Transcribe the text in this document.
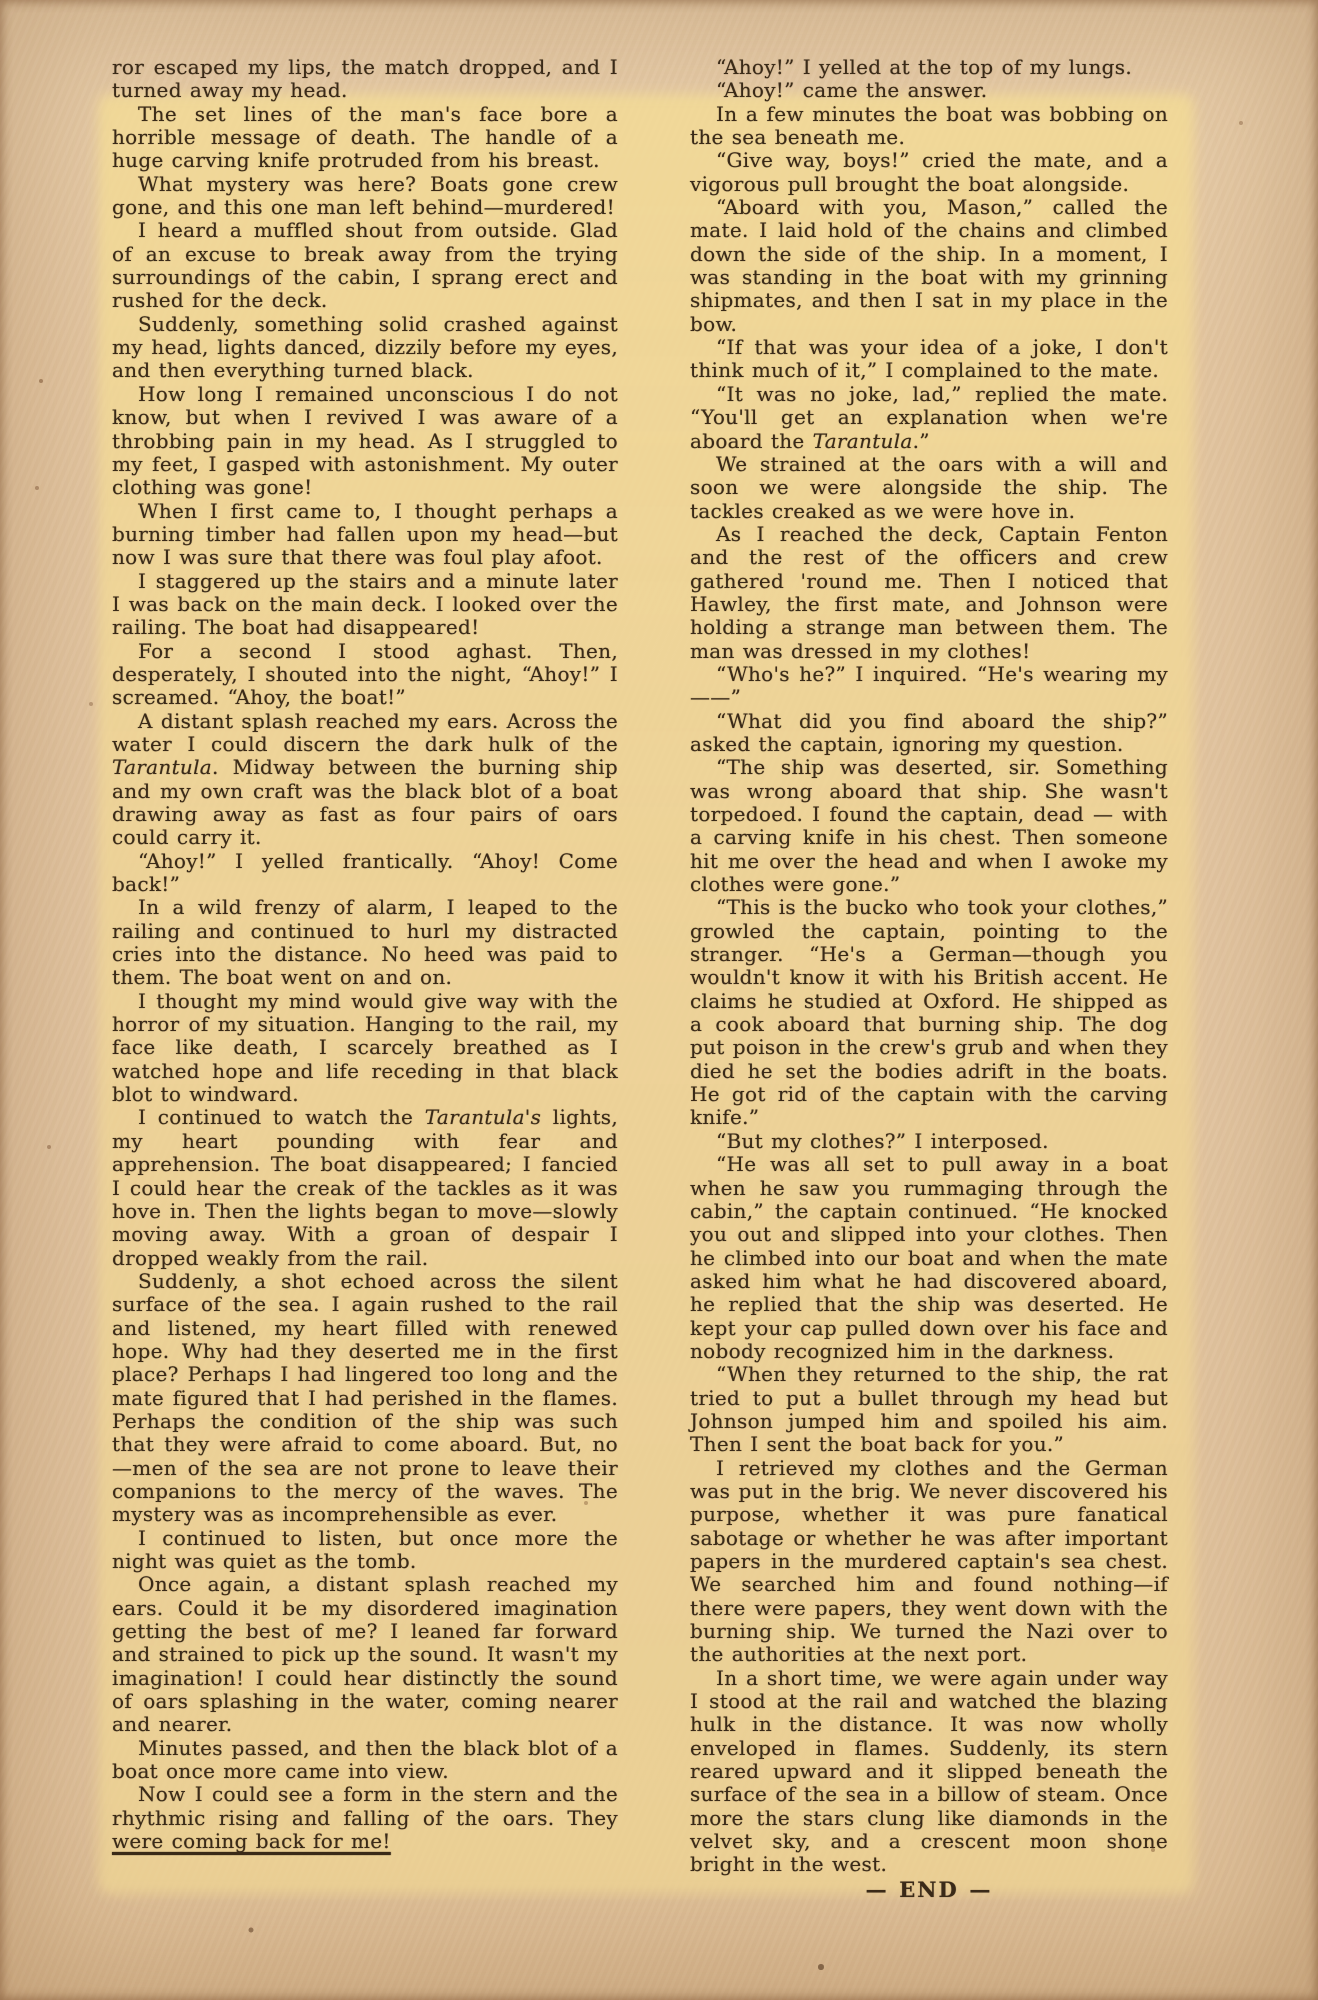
ror escaped my lips, the match dropped, and I turned away my head.

The set lines of the man's face bore a horrible message of death. The handle of a huge carving knife protruded from his breast.

What mystery was here? Boats gone crew gone, and this one man left behind—murdered!

I heard a muffled shout from outside. Glad of an excuse to break away from the trying surroundings of the cabin, I sprang erect and rushed for the deck.

Suddenly, something solid crashed against my head, lights danced, dizzily before my eyes, and then everything turned black.

How long I remained unconscious I do not know, but when I revived I was aware of a throbbing pain in my head. As I struggled to my feet, I gasped with astonishment. My outer clothing was gone!

When I first came to, I thought perhaps a burning timber had fallen upon my head—but now I was sure that there was foul play afoot.

I staggered up the stairs and a minute later I was back on the main deck. I looked over the railing. The boat had disappeared!

For a second I stood aghast. Then, desperately, I shouted into the night, “Ahoy!” I screamed. “Ahoy, the boat!”

A distant splash reached my ears. Across the water I could discern the dark hulk of the Tarantula. Midway between the burning ship and my own craft was the black blot of a boat drawing away as fast as four pairs of oars could carry it.

“Ahoy!” I yelled frantically. “Ahoy! Come back!”

In a wild frenzy of alarm, I leaped to the railing and continued to hurl my distracted cries into the distance. No heed was paid to them. The boat went on and on.

I thought my mind would give way with the horror of my situation. Hanging to the rail, my face like death, I scarcely breathed as I watched hope and life receding in that black blot to windward.

I continued to watch the Tarantula's lights, my heart pounding with fear and apprehension. The boat disappeared; I fancied I could hear the creak of the tackles as it was hove in. Then the lights began to move—slowly moving away. With a groan of despair I dropped weakly from the rail.

Suddenly, a shot echoed across the silent surface of the sea. I again rushed to the rail and listened, my heart filled with renewed hope. Why had they deserted me in the first place? Perhaps I had lingered too long and the mate figured that I had perished in the flames. Perhaps the condition of the ship was such that they were afraid to come aboard. But, no—men of the sea are not prone to leave their companions to the mercy of the waves. The mystery was as incomprehensible as ever.

I continued to listen, but once more the night was quiet as the tomb.

Once again, a distant splash reached my ears. Could it be my disordered imagination getting the best of me? I leaned far forward and strained to pick up the sound. It wasn't my imagination! I could hear distinctly the sound of oars splashing in the water, coming nearer and nearer.

Minutes passed, and then the black blot of a boat once more came into view.

Now I could see a form in the stern and the rhythmic rising and falling of the oars. They were coming back for me!

“Ahoy!” I yelled at the top of my lungs.

“Ahoy!” came the answer.

In a few minutes the boat was bobbing on the sea beneath me.

“Give way, boys!” cried the mate, and a vigorous pull brought the boat alongside.

“Aboard with you, Mason,” called the mate. I laid hold of the chains and climbed down the side of the ship. In a moment, I was standing in the boat with my grinning shipmates, and then I sat in my place in the bow.

“If that was your idea of a joke, I don't think much of it,” I complained to the mate.

“It was no joke, lad,” replied the mate. “You'll get an explanation when we're aboard the Tarantula.”

We strained at the oars with a will and soon we were alongside the ship. The tackles creaked as we were hove in.

As I reached the deck, Captain Fenton and the rest of the officers and crew gathered 'round me. Then I noticed that Hawley, the first mate, and Johnson were holding a strange man between them. The man was dressed in my clothes!

“Who's he?” I inquired. “He's wearing my——”

“What did you find aboard the ship?” asked the captain, ignoring my question.

“The ship was deserted, sir. Something was wrong aboard that ship. She wasn't torpedoed. I found the captain, dead — with a carving knife in his chest. Then someone hit me over the head and when I awoke my clothes were gone.”

“This is the bucko who took your clothes,” growled the captain, pointing to the stranger. “He's a German—though you wouldn't know it with his British accent. He claims he studied at Oxford. He shipped as a cook aboard that burning ship. The dog put poison in the crew's grub and when they died he set the bodies adrift in the boats. He got rid of the captain with the carving knife.”

“But my clothes?” I interposed.

“He was all set to pull away in a boat when he saw you rummaging through the cabin,” the captain continued. “He knocked you out and slipped into your clothes. Then he climbed into our boat and when the mate asked him what he had discovered aboard, he replied that the ship was deserted. He kept your cap pulled down over his face and nobody recognized him in the darkness.

“When they returned to the ship, the rat tried to put a bullet through my head but Johnson jumped him and spoiled his aim. Then I sent the boat back for you.”

I retrieved my clothes and the German was put in the brig. We never discovered his purpose, whether it was pure fanatical sabotage or whether he was after important papers in the murdered captain's sea chest. We searched him and found nothing—if there were papers, they went down with the burning ship. We turned the Nazi over to the authorities at the next port.

In a short time, we were again under way I stood at the rail and watched the blazing hulk in the distance. It was now wholly enveloped in flames. Suddenly, its stern reared upward and it slipped beneath the surface of the sea in a billow of steam. Once more the stars clung like diamonds in the velvet sky, and a crescent moon shone bright in the west.

— END —
